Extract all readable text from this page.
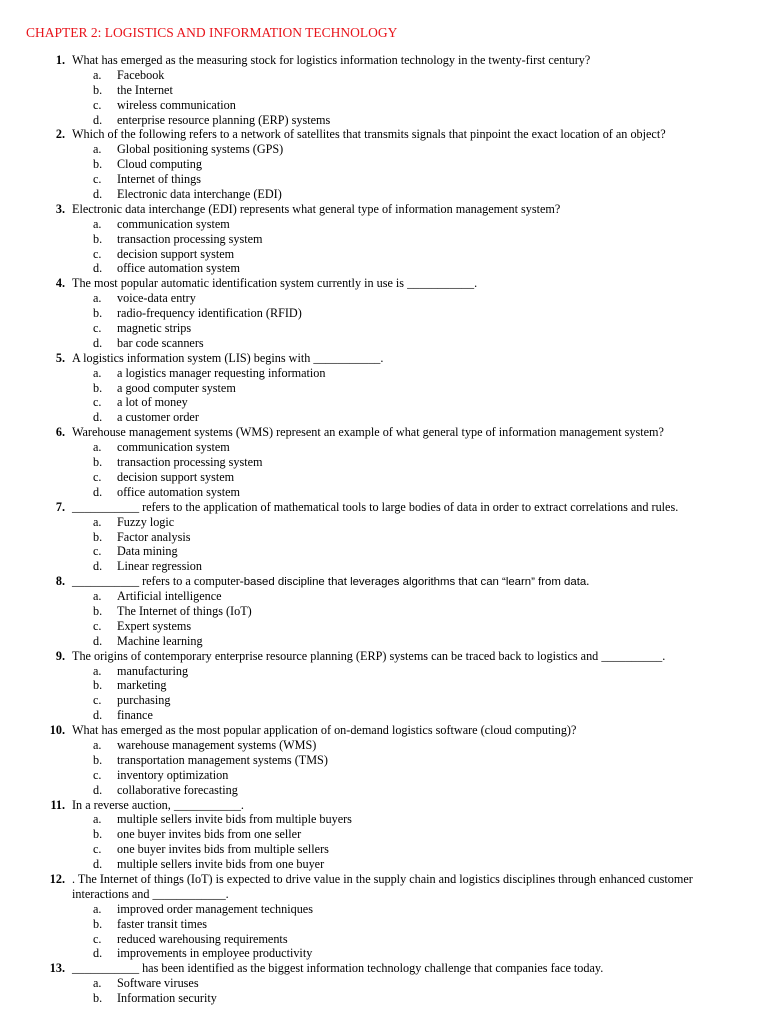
CHAPTER 2: LOGISTICS AND INFORMATION TECHNOLOGY
1. What has emerged as the measuring stock for logistics information technology in the twenty-first century?
a. Facebook
b. the Internet
c. wireless communication
d. enterprise resource planning (ERP) systems
2. Which of the following refers to a network of satellites that transmits signals that pinpoint the exact location of an object?
a. Global positioning systems (GPS)
b. Cloud computing
c. Internet of things
d. Electronic data interchange (EDI)
3. Electronic data interchange (EDI) represents what general type of information management system?
a. communication system
b. transaction processing system
c. decision support system
d. office automation system
4. The most popular automatic identification system currently in use is ___________.
a. voice-data entry
b. radio-frequency identification (RFID)
c. magnetic strips
d. bar code scanners
5. A logistics information system (LIS) begins with ___________.
a. a logistics manager requesting information
b. a good computer system
c. a lot of money
d. a customer order
6. Warehouse management systems (WMS) represent an example of what general type of information management system?
a. communication system
b. transaction processing system
c. decision support system
d. office automation system
7. ___________ refers to the application of mathematical tools to large bodies of data in order to extract correlations and rules.
a. Fuzzy logic
b. Factor analysis
c. Data mining
d. Linear regression
8. ___________ refers to a computer-based discipline that leverages algorithms that can “learn” from data.
a. Artificial intelligence
b. The Internet of things (IoT)
c. Expert systems
d. Machine learning
9. The origins of contemporary enterprise resource planning (ERP) systems can be traced back to logistics and __________.
a. manufacturing
b. marketing
c. purchasing
d. finance
10. What has emerged as the most popular application of on-demand logistics software (cloud computing)?
a. warehouse management systems (WMS)
b. transportation management systems (TMS)
c. inventory optimization
d. collaborative forecasting
11. In a reverse auction, ___________.
a. multiple sellers invite bids from multiple buyers
b. one buyer invites bids from one seller
c. one buyer invites bids from multiple sellers
d. multiple sellers invite bids from one buyer
12. . The Internet of things (IoT) is expected to drive value in the supply chain and logistics disciplines through enhanced customer
interactions and ____________.
a. improved order management techniques
b. faster transit times
c. reduced warehousing requirements
d. improvements in employee productivity
13. ___________ has been identified as the biggest information technology challenge that companies face today.
a. Software viruses
b. Information security
